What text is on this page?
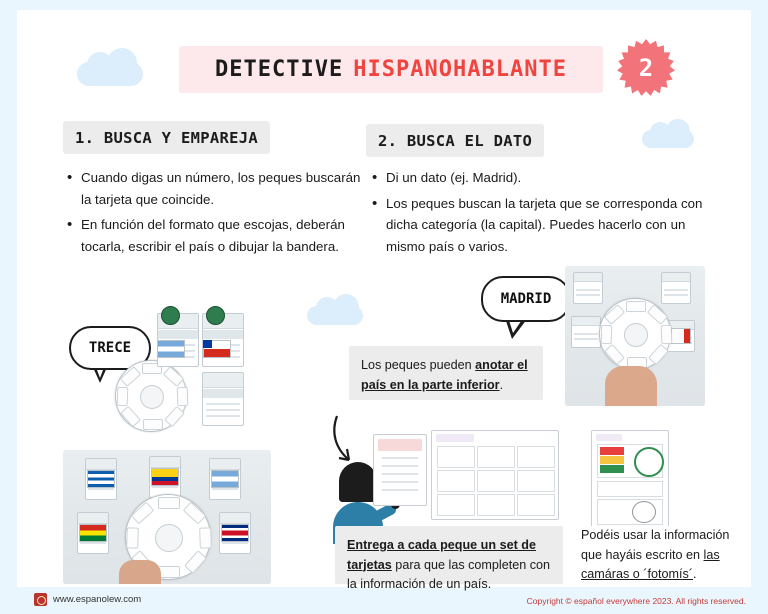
DETECTIVE HISPANOHABLANTE	2
1. BUSCA Y EMPAREJA
• Cuando digas un número, los peques buscarán la tarjeta que coincide.
• En función del formato que escojas, deberán tocarla, escribir el país o dibujar la bandera.
2. BUSCA EL DATO
• Di un dato (ej. Madrid).
• Los peques buscan la tarjeta que se corresponda con dicha categoría (la capital). Puedes hacerlo con un mismo país o varios.
TRECE
MADRID
Los peques pueden anotar el país en la parte inferior.
Entrega a cada peque un set de tarjetas para que las completen con la información de un país.
Podéis usar la información que hayáis escrito en las camáras o ´fotomís´.
www.espanolew.com	Copyright © español everywhere 2023. All rights reserved.
